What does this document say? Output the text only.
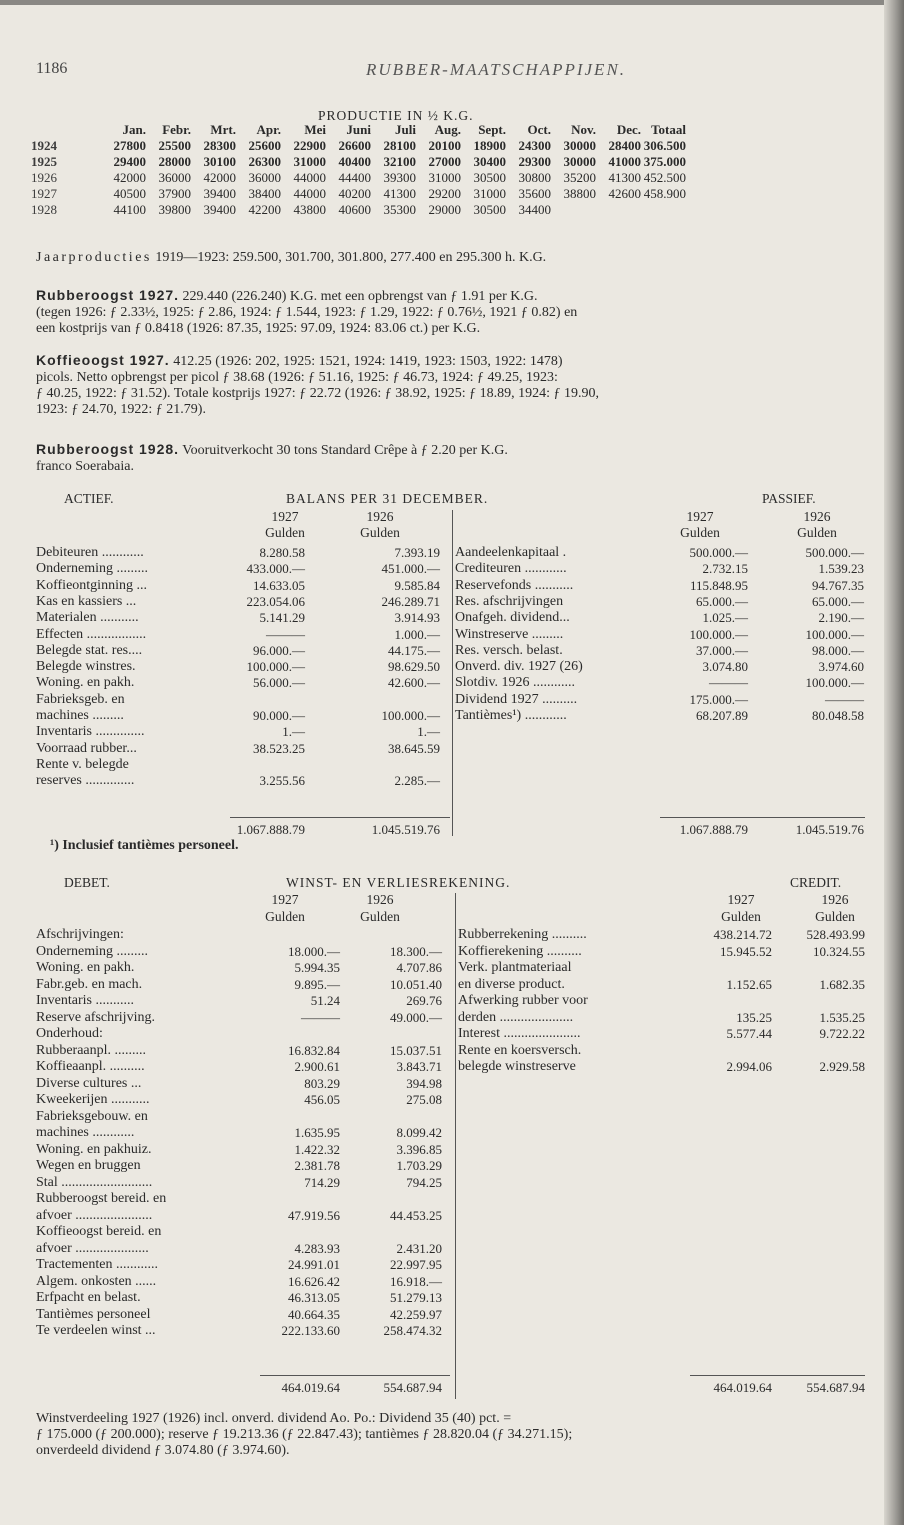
1186	RUBBER-MAATSCHAPPIJEN.
PRODUCTIE IN ½ K.G.
	Jan.	Febr.	Mrt.	Apr.	Mei	Juni	Juli	Aug.	Sept.	Oct.	Nov.	Dec.	Totaal
1924	27800	25500	28300	25600	22900	26600	28100	20100	18900	24300	30000	28400	306.500
1925	29400	28000	30100	26300	31000	40400	32100	27000	30400	29300	30000	41000	375.000
1926	42000	36000	42000	36000	44000	44400	39300	31000	30500	30800	35200	41300	452.500
1927	40500	37900	39400	38400	44000	40200	41300	29200	31000	35600	38800	42600	458.900
1928	44100	39800	39400	42200	43800	40600	35300	29000	30500	34400			
Jaarproducties 1919—1923: 259.500, 301.700, 301.800, 277.400 en 295.300 h. K.G.
Rubberoogst 1927. 229.440 (226.240) K.G. met een opbrengst van ƒ 1.91 per K.G.
(tegen 1926: ƒ 2.33½, 1925: ƒ 2.86, 1924: ƒ 1.544, 1923: ƒ 1.29, 1922: ƒ 0.76½, 1921 ƒ 0.82) en
een kostprijs van ƒ 0.8418 (1926: 87.35, 1925: 97.09, 1924: 83.06 ct.) per K.G.
Koffieoogst 1927. 412.25 (1926: 202, 1925: 1521, 1924: 1419, 1923: 1503, 1922: 1478)
picols. Netto opbrengst per picol ƒ 38.68 (1926: ƒ 51.16, 1925: ƒ 46.73, 1924: ƒ 49.25, 1923:
ƒ 40.25, 1922: ƒ 31.52). Totale kostprijs 1927: ƒ 22.72 (1926: ƒ 38.92, 1925: ƒ 18.89, 1924: ƒ 19.90,
1923: ƒ 24.70, 1922: ƒ 21.79).
Rubberoogst 1928. Vooruitverkocht 30 tons Standard Crêpe à ƒ 2.20 per K.G.
franco Soerabaia.
ACTIEF.	BALANS PER 31 DECEMBER.	PASSIEF.
1927	1926	1927	1926
Gulden	Gulden	Gulden	Gulden
Debiteuren ............	8.280.58	7.393.19
Onderneming .........	433.000.—	451.000.—
Koffieontginning ...	14.633.05	9.585.84
Kas en kassiers ...	223.054.06	246.289.71
Materialen ...........	5.141.29	3.914.93
Effecten .................	———	1.000.—
Belegde stat. res....	96.000.—	44.175.—
Belegde winstres.	100.000.—	98.629.50
Woning. en pakh.	56.000.—	42.600.—
Fabrieksgeb. en
machines .........	90.000.—	100.000.—
Inventaris ..............	1.—	1.—
Voorraad rubber...	38.523.25	38.645.59
Rente v. belegde
reserves ..............	3.255.56	2.285.—
Aandeelenkapitaal .	500.000.—	500.000.—
Crediteuren ............	2.732.15	1.539.23
Reservefonds ...........	115.848.95	94.767.35
Res. afschrijvingen	65.000.—	65.000.—
Onafgeh. dividend...	1.025.—	2.190.—
Winstreserve .........	100.000.—	100.000.—
Res. versch. belast.	37.000.—	98.000.—
Onverd. div. 1927 (26)	3.074.80	3.974.60
Slotdiv. 1926 ............	———	100.000.—
Dividend 1927 ..........	175.000.—	———
Tantièmes¹) ............	68.207.89	80.048.58
1.067.888.79	1.045.519.76	1.067.888.79	1.045.519.76
¹) Inclusief tantièmes personeel.
DEBET.	WINST- EN VERLIESREKENING.	CREDIT.
1927	1926	1927	1926
Gulden	Gulden	Gulden	Gulden
Afschrijvingen:
Onderneming .........	18.000.—	18.300.—
Woning. en pakh.	5.994.35	4.707.86
Fabr.geb. en mach.	9.895.—	10.051.40
Inventaris ...........	51.24	269.76
Reserve afschrijving.	———	49.000.—
Onderhoud:
Rubberaanpl. .........	16.832.84	15.037.51
Koffieaanpl. ..........	2.900.61	3.843.71
Diverse cultures ...	803.29	394.98
Kweekerijen ...........	456.05	275.08
Fabrieksgebouw. en
machines ............	1.635.95	8.099.42
Woning. en pakhuiz.	1.422.32	3.396.85
Wegen en bruggen	2.381.78	1.703.29
Stal ..........................	714.29	794.25
Rubberoogst bereid. en
afvoer ......................	47.919.56	44.453.25
Koffieoogst bereid. en
afvoer .....................	4.283.93	2.431.20
Tractementen ............	24.991.01	22.997.95
Algem. onkosten ......	16.626.42	16.918.—
Erfpacht en belast.	46.313.05	51.279.13
Tantièmes personeel	40.664.35	42.259.97
Te verdeelen winst ...	222.133.60	258.474.32
Rubberrekening ..........	438.214.72	528.493.99
Koffierekening ..........	15.945.52	10.324.55
Verk. plantmateriaal
en diverse product.	1.152.65	1.682.35
Afwerking rubber voor
derden .....................	135.25	1.535.25
Interest ......................	5.577.44	9.722.22
Rente en koersversch.
belegde winstreserve	2.994.06	2.929.58
464.019.64	554.687.94	464.019.64	554.687.94
Winstverdeeling 1927 (1926) incl. onverd. dividend Ao. Po.: Dividend 35 (40) pct. =
ƒ 175.000 (ƒ 200.000); reserve ƒ 19.213.36 (ƒ 22.847.43); tantièmes ƒ 28.820.04 (ƒ 34.271.15);
onverdeeld dividend ƒ 3.074.80 (ƒ 3.974.60).
